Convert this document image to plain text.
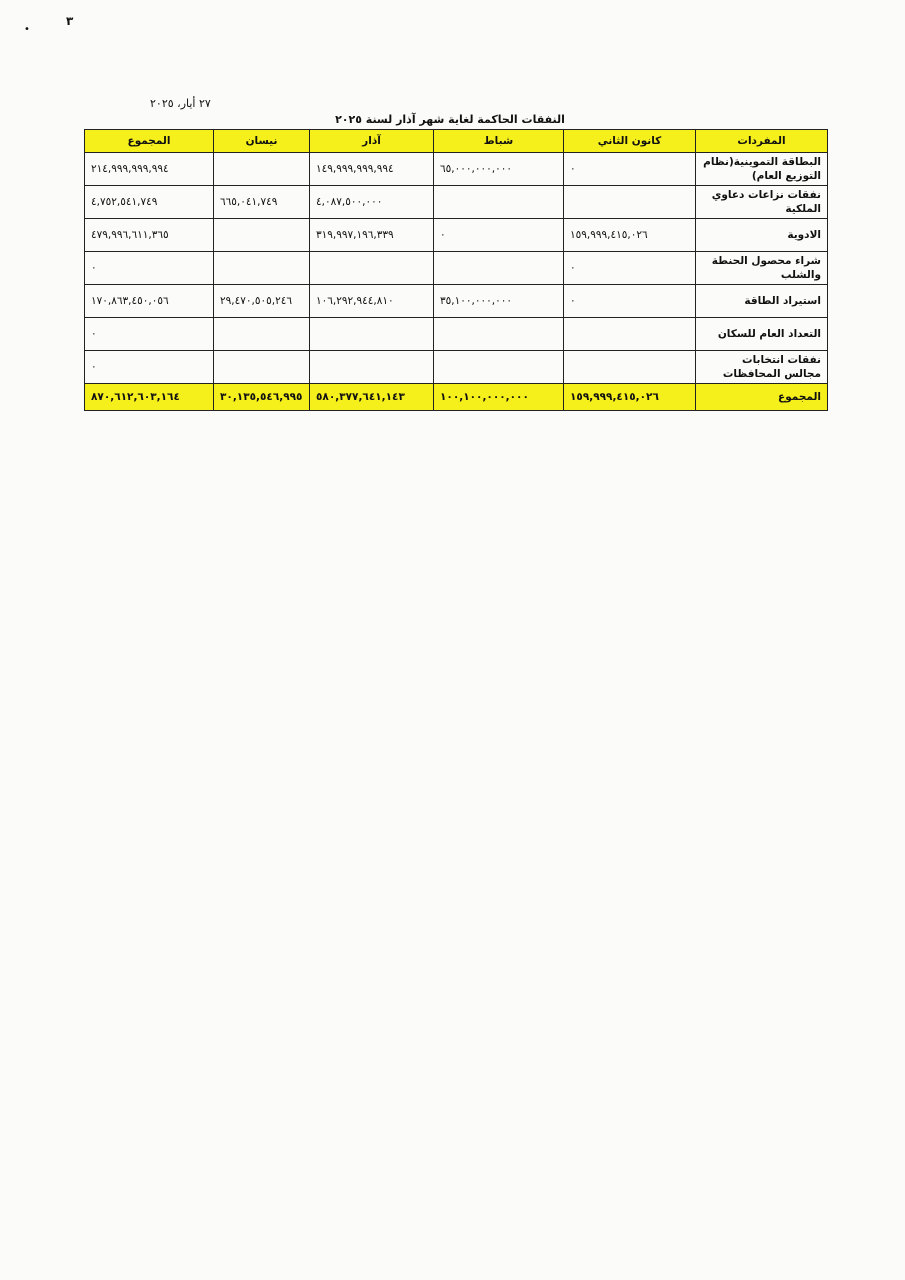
٣
•
٢٧ أيار، ٢٠٢٥
النفقات الحاكمة لغاية شهر آذار لسنة ٢٠٢٥
المفردات	كانون الثاني	شباط	آذار	نيسان	المجموع
البطاقة التموينية(نظام التوزيع العام)	٠	٦٥,٠٠٠,٠٠٠,٠٠٠	١٤٩,٩٩٩,٩٩٩,٩٩٤		٢١٤,٩٩٩,٩٩٩,٩٩٤
نفقات نزاعات دعاوي الملكية			٤,٠٨٧,٥٠٠,٠٠٠	٦٦٥,٠٤١,٧٤٩	٤,٧٥٢,٥٤١,٧٤٩
الادوية	١٥٩,٩٩٩,٤١٥,٠٢٦	٠	٣١٩,٩٩٧,١٩٦,٣٣٩		٤٧٩,٩٩٦,٦١١,٣٦٥
شراء محصول الحنطة والشلب	٠				٠
استيراد الطاقة	٠	٣٥,١٠٠,٠٠٠,٠٠٠	١٠٦,٢٩٢,٩٤٤,٨١٠	٢٩,٤٧٠,٥٠٥,٢٤٦	١٧٠,٨٦٣,٤٥٠,٠٥٦
التعداد العام للسكان					٠
نفقات انتخابات مجالس المحافظات					٠
المجموع	١٥٩,٩٩٩,٤١٥,٠٢٦	١٠٠,١٠٠,٠٠٠,٠٠٠	٥٨٠,٣٧٧,٦٤١,١٤٣	٣٠,١٣٥,٥٤٦,٩٩٥	٨٧٠,٦١٢,٦٠٣,١٦٤
